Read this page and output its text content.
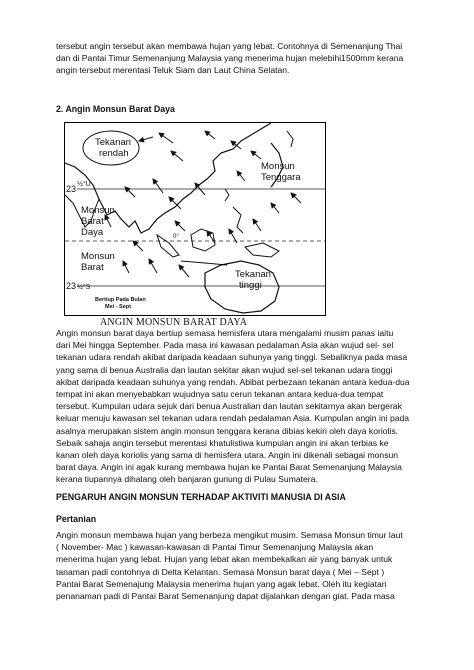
tersebut angin tersebut akan membawa hujan yang lebat. Contohnya di Semenanjung Thai
dan di Pantai Timur Semenanjung Malaysia yang menerima hujan melebihi1500mm kerana
angin tersebut merentasi Teluk Siam dan Laut China Selatan.

2. Angin Monsun Barat Daya

Tekanan
rendah
Monsun
Tenggara
Monsun
Barat
Daya
Monsun
Barat
Tekanan
tinggi
23 ½°U
0°
23 ½°S
Bertiup Pada Bulan
Mei - Sept

ANGIN MONSUN BARAT DAYA

Angin monsun barat daya bertiup semasa hemisfera utara mengalami musim panas iaitu
dari Mei hingga September. Pada masa ini kawasan pedalaman Asia akan wujud sel- sel
tekanan udara rendah akibat daripada keadaan suhunya yang tinggi. Sebaliknya pada masa
yang sama di benua Australia dan lautan sekitar akan wujud sel-sel tekanan udara tinggi
akibat daripada keadaan suhunya yang rendah. Abibat perbezaan tekanan antara kedua-dua
tempat ini akan menyebabkan wujudnya satu cerun tekanan antara kedua-dua tempat
tersebut. Kumpulan udara sejuk dari benua Australian dan lautan sekitarnya akan bergerak
keluar menuju kawasan sel tekanan udara rendah pedalaman Asia. Kumpulan angin ini pada
asalnya merupakan sistem angin monsun tenggara kerana dibias kekiri oleh daya koriolis.
Sebaik sahaja angin tersebut merentasi khatulistiwa kumpulan angin ini akan terbias ke
kanan oleh daya koriolis yang sama di hemisfera utara. Angin ini dikenali sebagai monsun
barat daya. Angin ini agak kurang membawa hujan ke Pantai Barat Semenanjung Malaysia
kerana tiupannya dihalang oleh banjaran gunung di Pulau Sumatera.

PENGARUH ANGIN MONSUN TERHADAP AKTIVITI MANUSIA DI ASIA

Pertanian

Angin monsun membawa hujan yang berbeza mengikut musim. Semasa Monsun timur laut
( November- Mac ) kawasan-kawasan di Pantai Timur Semenanjung Malaysia akan
menerima hujan yang lebat. Hujan yang lebat akan membekalkan air yang banyak untuk
tanaman padi contohnya di Delta Kelantan. Semasa Monsun barat daya ( Mei – Sept )
Pantai Barat Semenajung Malaysia menerima hujan yang agak lebat. Oleh itu kegiatan
penanaman padi di Pantai Barat Semenanjung dapat dijalankan dengan giat. Pada masa
